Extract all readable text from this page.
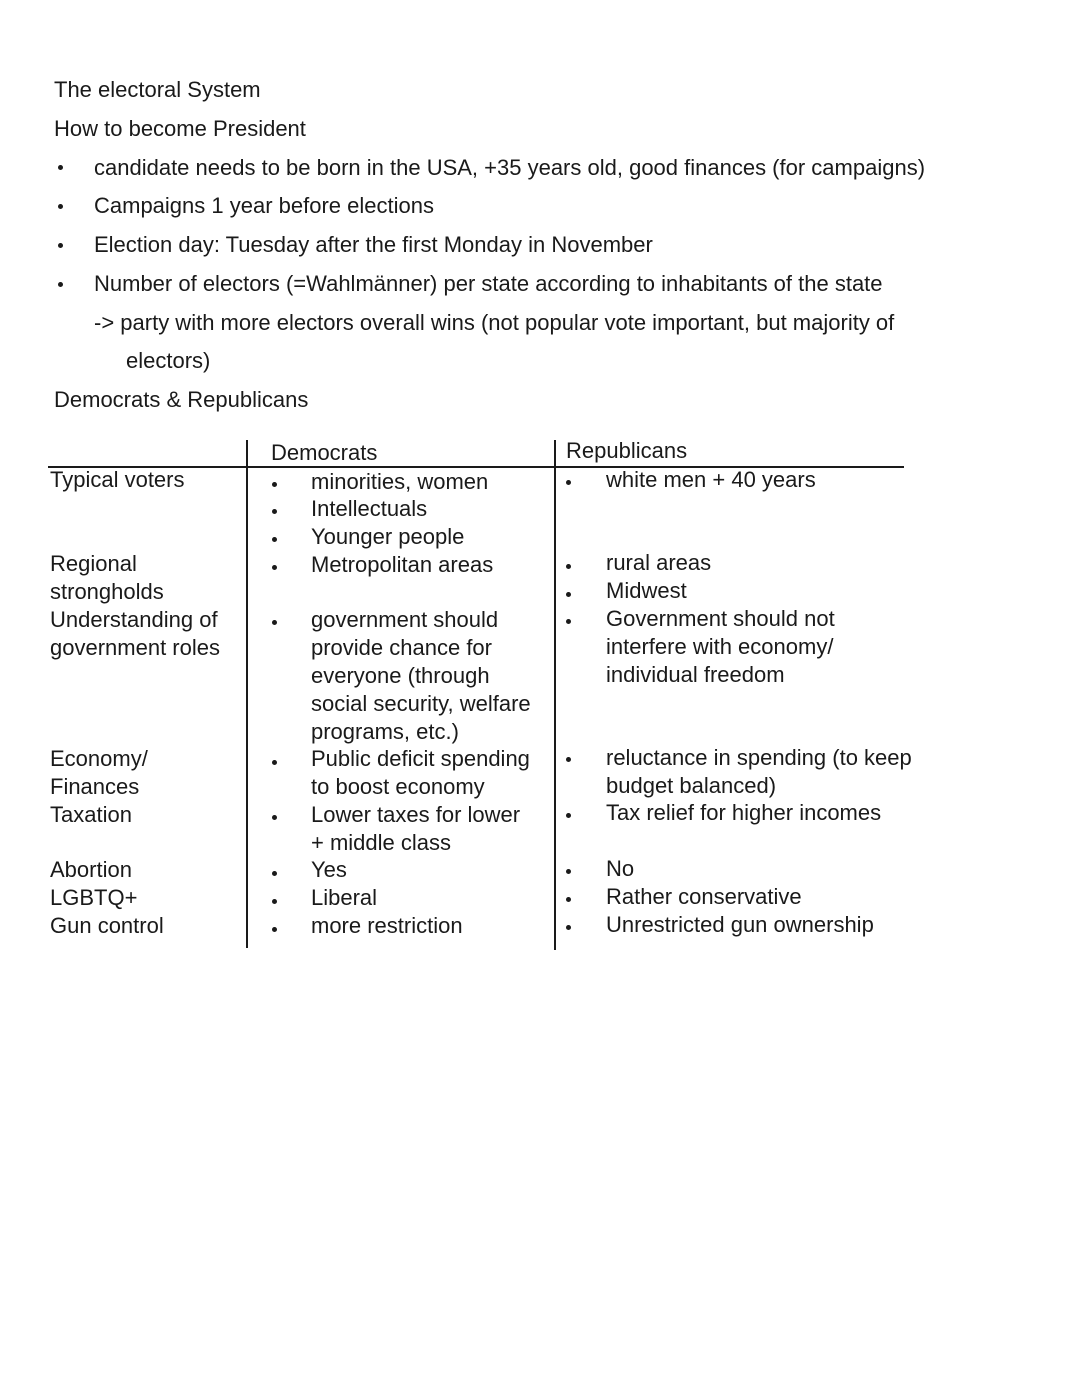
The electoral System
How to become President
candidate needs to be born in the USA, +35 years old, good finances (for campaigns)
Campaigns 1 year before elections
Election day: Tuesday after the first Monday in November
Number of electors (=Wahlmänner) per state according to inhabitants of the state
-> party with more electors overall wins (not popular vote important, but majority of
electors)
Democrats & Republicans
Democrats	Republicans
Typical voters
Regional
strongholds
Understanding of
government roles
Economy/
Finances
Taxation
Abortion
LGBTQ+
Gun control
minorities, women
Intellectuals
Younger people
Metropolitan areas
government should
provide chance for
everyone (through
social security, welfare
programs, etc.)
Public deficit spending
to boost economy
Lower taxes for lower
+ middle class
Yes
Liberal
more restriction
white men + 40 years
rural areas
Midwest
Government should not
interfere with economy/
individual freedom
reluctance in spending (to keep
budget balanced)
Tax relief for higher incomes
No
Rather conservative
Unrestricted gun ownership
